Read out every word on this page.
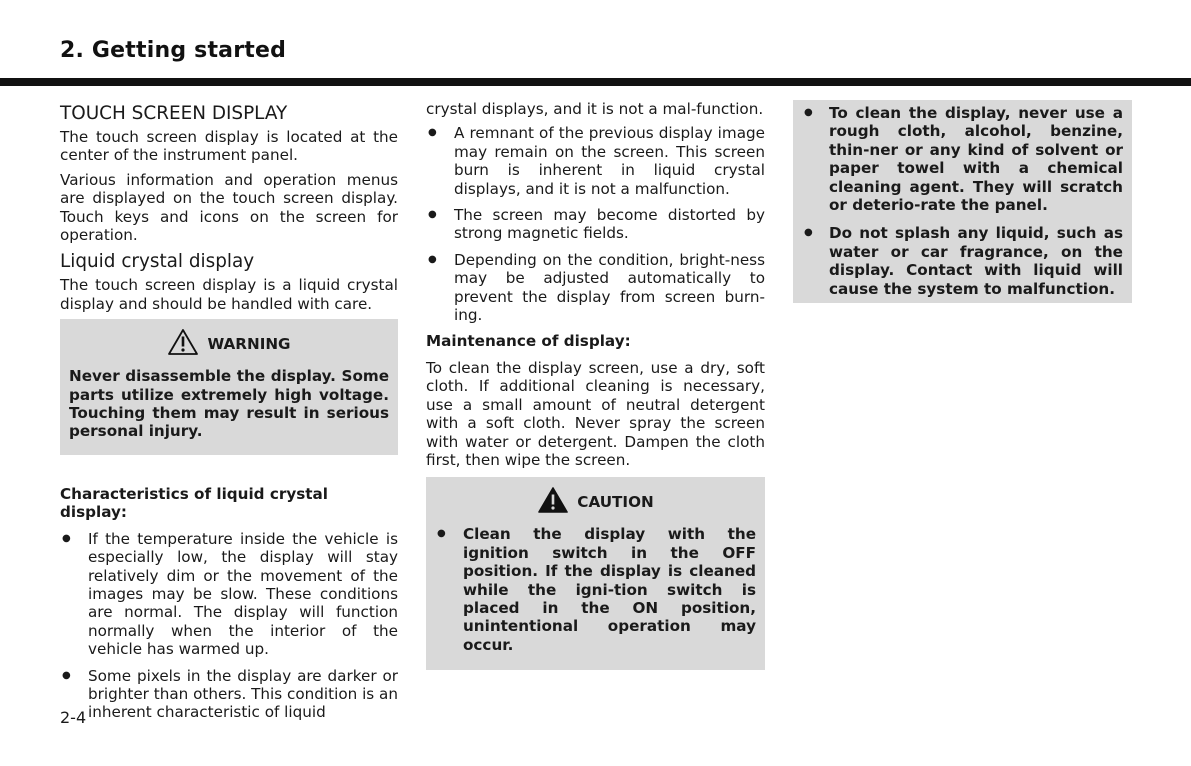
2. Getting started
TOUCH SCREEN DISPLAY

The touch screen display is located at the center of the instrument panel.

Various information and operation menus are displayed on the touch screen display. Touch keys and icons on the screen for operation.

Liquid crystal display

The touch screen display is a liquid crystal display and should be handled with care.

WARNING

Never disassemble the display. Some parts utilize extremely high voltage. Touching them may result in serious personal injury.

Characteristics of liquid crystal display:
● If the temperature inside the vehicle is especially low, the display will stay relatively dim or the movement of the images may be slow. These conditions are normal. The display will function normally when the interior of the vehicle has warmed up.
● Some pixels in the display are darker or brighter than others. This condition is an inherent characteristic of liquid

crystal displays, and it is not a mal-function.

● A remnant of the previous display image may remain on the screen. This screen burn is inherent in liquid crystal displays, and it is not a malfunction.
● The screen may become distorted by strong magnetic fields.
● Depending on the condition, bright-ness may be adjusted automatically to prevent the display from screen burn-ing.
Maintenance of display:

To clean the display screen, use a dry, soft cloth. If additional cleaning is necessary, use a small amount of neutral detergent with a soft cloth. Never spray the screen with water or detergent. Dampen the cloth first, then wipe the screen.

CAUTION
● Clean the display with the ignition switch in the OFF position. If the display is cleaned while the igni-tion switch is placed in the ON position, unintentional operation may occur.
● To clean the display, never use a rough cloth, alcohol, benzine, thin-ner or any kind of solvent or paper towel with a chemical cleaning agent. They will scratch or deterio-rate the panel.
● Do not splash any liquid, such as water or car fragrance, on the display. Contact with liquid will cause the system to malfunction.

2-4
